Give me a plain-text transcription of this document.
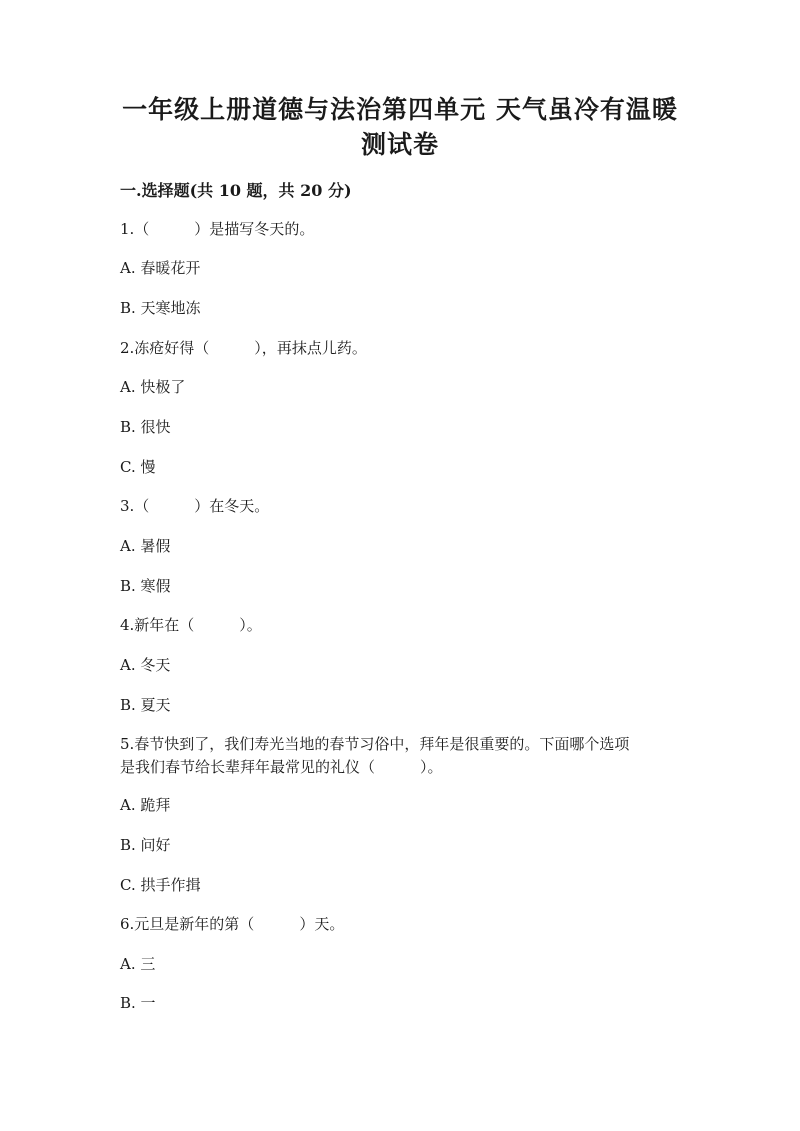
一年级上册道德与法治第四单元 天气虽冷有温暖
测试卷
一.选择题(共 10 题，共 20 分)

1.（　　　）是描写冬天的。

A. 春暖花开

B. 天寒地冻

2.冻疮好得（　　　），再抹点儿药。

A. 快极了

B. 很快

C. 慢

3.（　　　）在冬天。

A. 暑假

B. 寒假

4.新年在（　　　）。

A. 冬天

B. 夏天

5.春节快到了，我们寿光当地的春节习俗中，拜年是很重要的。下面哪个选项

是我们春节给长辈拜年最常见的礼仪（　　　）。

A. 跪拜

B. 问好

C. 拱手作揖

6.元旦是新年的第（　　　）天。

A. 三

B. 一
